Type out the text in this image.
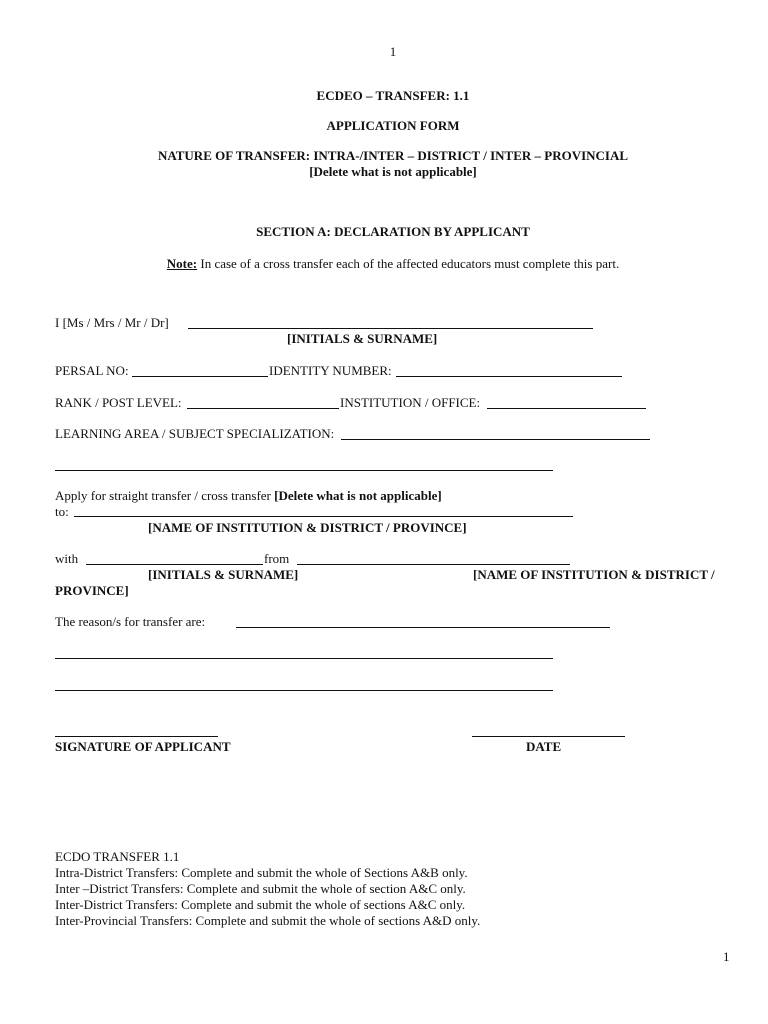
1
1
ECDEO – TRANSFER: 1.1
APPLICATION FORM
NATURE OF TRANSFER: INTRA-/INTER – DISTRICT / INTER – PROVINCIAL
[Delete what is not applicable]
SECTION A: DECLARATION BY APPLICANT
Note: In case of a cross transfer each of the affected educators must complete this part.
I [Ms / Mrs / Mr / Dr]
[INITIALS & SURNAME]
PERSAL NO:	IDENTITY NUMBER:
RANK / POST LEVEL:	INSTITUTION / OFFICE:
LEARNING AREA / SUBJECT SPECIALIZATION:
Apply for straight transfer / cross transfer [Delete what is not applicable]
to:
[NAME OF INSTITUTION & DISTRICT / PROVINCE]
with	from
[INITIALS & SURNAME]	[NAME OF INSTITUTION & DISTRICT /
PROVINCE]
The reason/s for transfer are:
SIGNATURE OF APPLICANT	DATE
ECDO TRANSFER 1.1
Intra-District Transfers: Complete and submit the whole of Sections A&B only.
Inter –District Transfers: Complete and submit the whole of section A&C only.
Inter-District Transfers: Complete and submit the whole of sections A&C only.
Inter-Provincial Transfers: Complete and submit the whole of sections A&D only.
